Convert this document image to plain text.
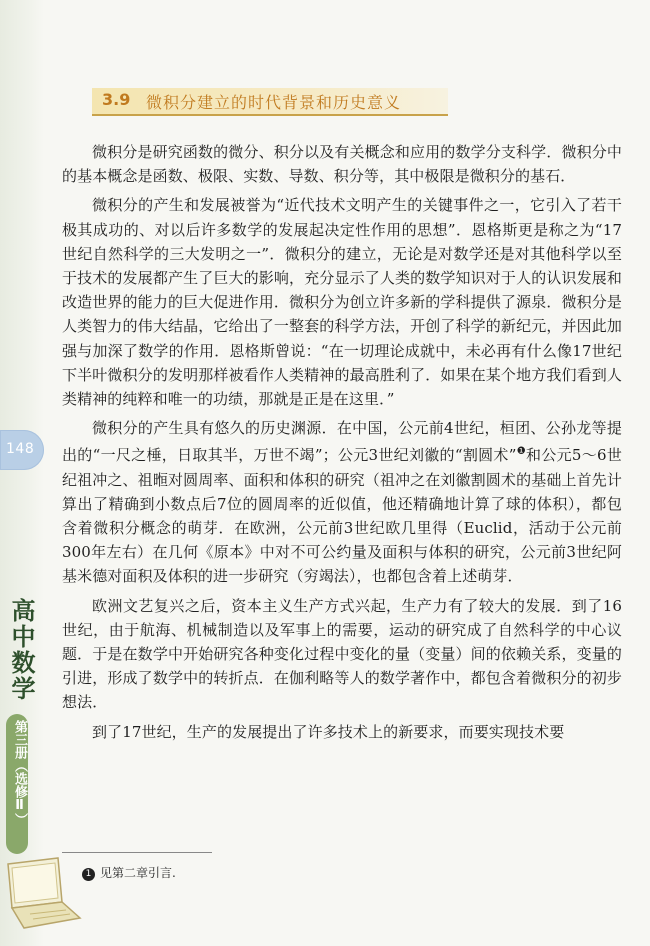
148
高中数学
第三册（选修Ⅱ）
3.9 微积分建立的时代背景和历史意义

微积分是研究函数的微分、积分以及有关概念和应用的数学分支科学．微积分中的基本概念是函数、极限、实数、导数、积分等，其中极限是微积分的基石．

微积分的产生和发展被誉为“近代技术文明产生的关键事件之一，它引入了若干极其成功的、对以后许多数学的发展起决定性作用的思想”．恩格斯更是称之为“17世纪自然科学的三大发明之一”．微积分的建立，无论是对数学还是对其他科学以至于技术的发展都产生了巨大的影响，充分显示了人类的数学知识对于人的认识发展和改造世界的能力的巨大促进作用．微积分为创立许多新的学科提供了源泉．微积分是人类智力的伟大结晶，它给出了一整套的科学方法，开创了科学的新纪元，并因此加强与加深了数学的作用．恩格斯曾说：“在一切理论成就中，未必再有什么像17世纪下半叶微积分的发明那样被看作人类精神的最高胜利了．如果在某个地方我们看到人类精神的纯粹和唯一的功绩，那就是正是在这里．”

微积分的产生具有悠久的历史渊源．在中国，公元前4世纪，桓团、公孙龙等提出的“一尺之棰，日取其半，万世不竭”；公元3世纪刘徽的“割圆术”$^❶$和公元5～6世纪祖冲之、祖暅对圆周率、面积和体积的研究（祖冲之在刘徽割圆术的基础上首先计算出了精确到小数点后7位的圆周率的近似值，他还精确地计算了球的体积），都包含着微积分概念的萌芽．在欧洲，公元前3世纪欧几里得（Euclid，活动于公元前300年左右）在几何《原本》中对不可公约量及面积与体积的研究，公元前3世纪阿基米德对面积及体积的进一步研究（穷竭法），也都包含着上述萌芽．

欧洲文艺复兴之后，资本主义生产方式兴起，生产力有了较大的发展．到了16世纪，由于航海、机械制造以及军事上的需要，运动的研究成了自然科学的中心议题．于是在数学中开始研究各种变化过程中变化的量（变量）间的依赖关系，变量的引进，形成了数学中的转折点．在伽利略等人的数学著作中，都包含着微积分的初步想法．

到了17世纪，生产的发展提出了许多技术上的新要求，而要实现技术要

1 见第二章引言.
